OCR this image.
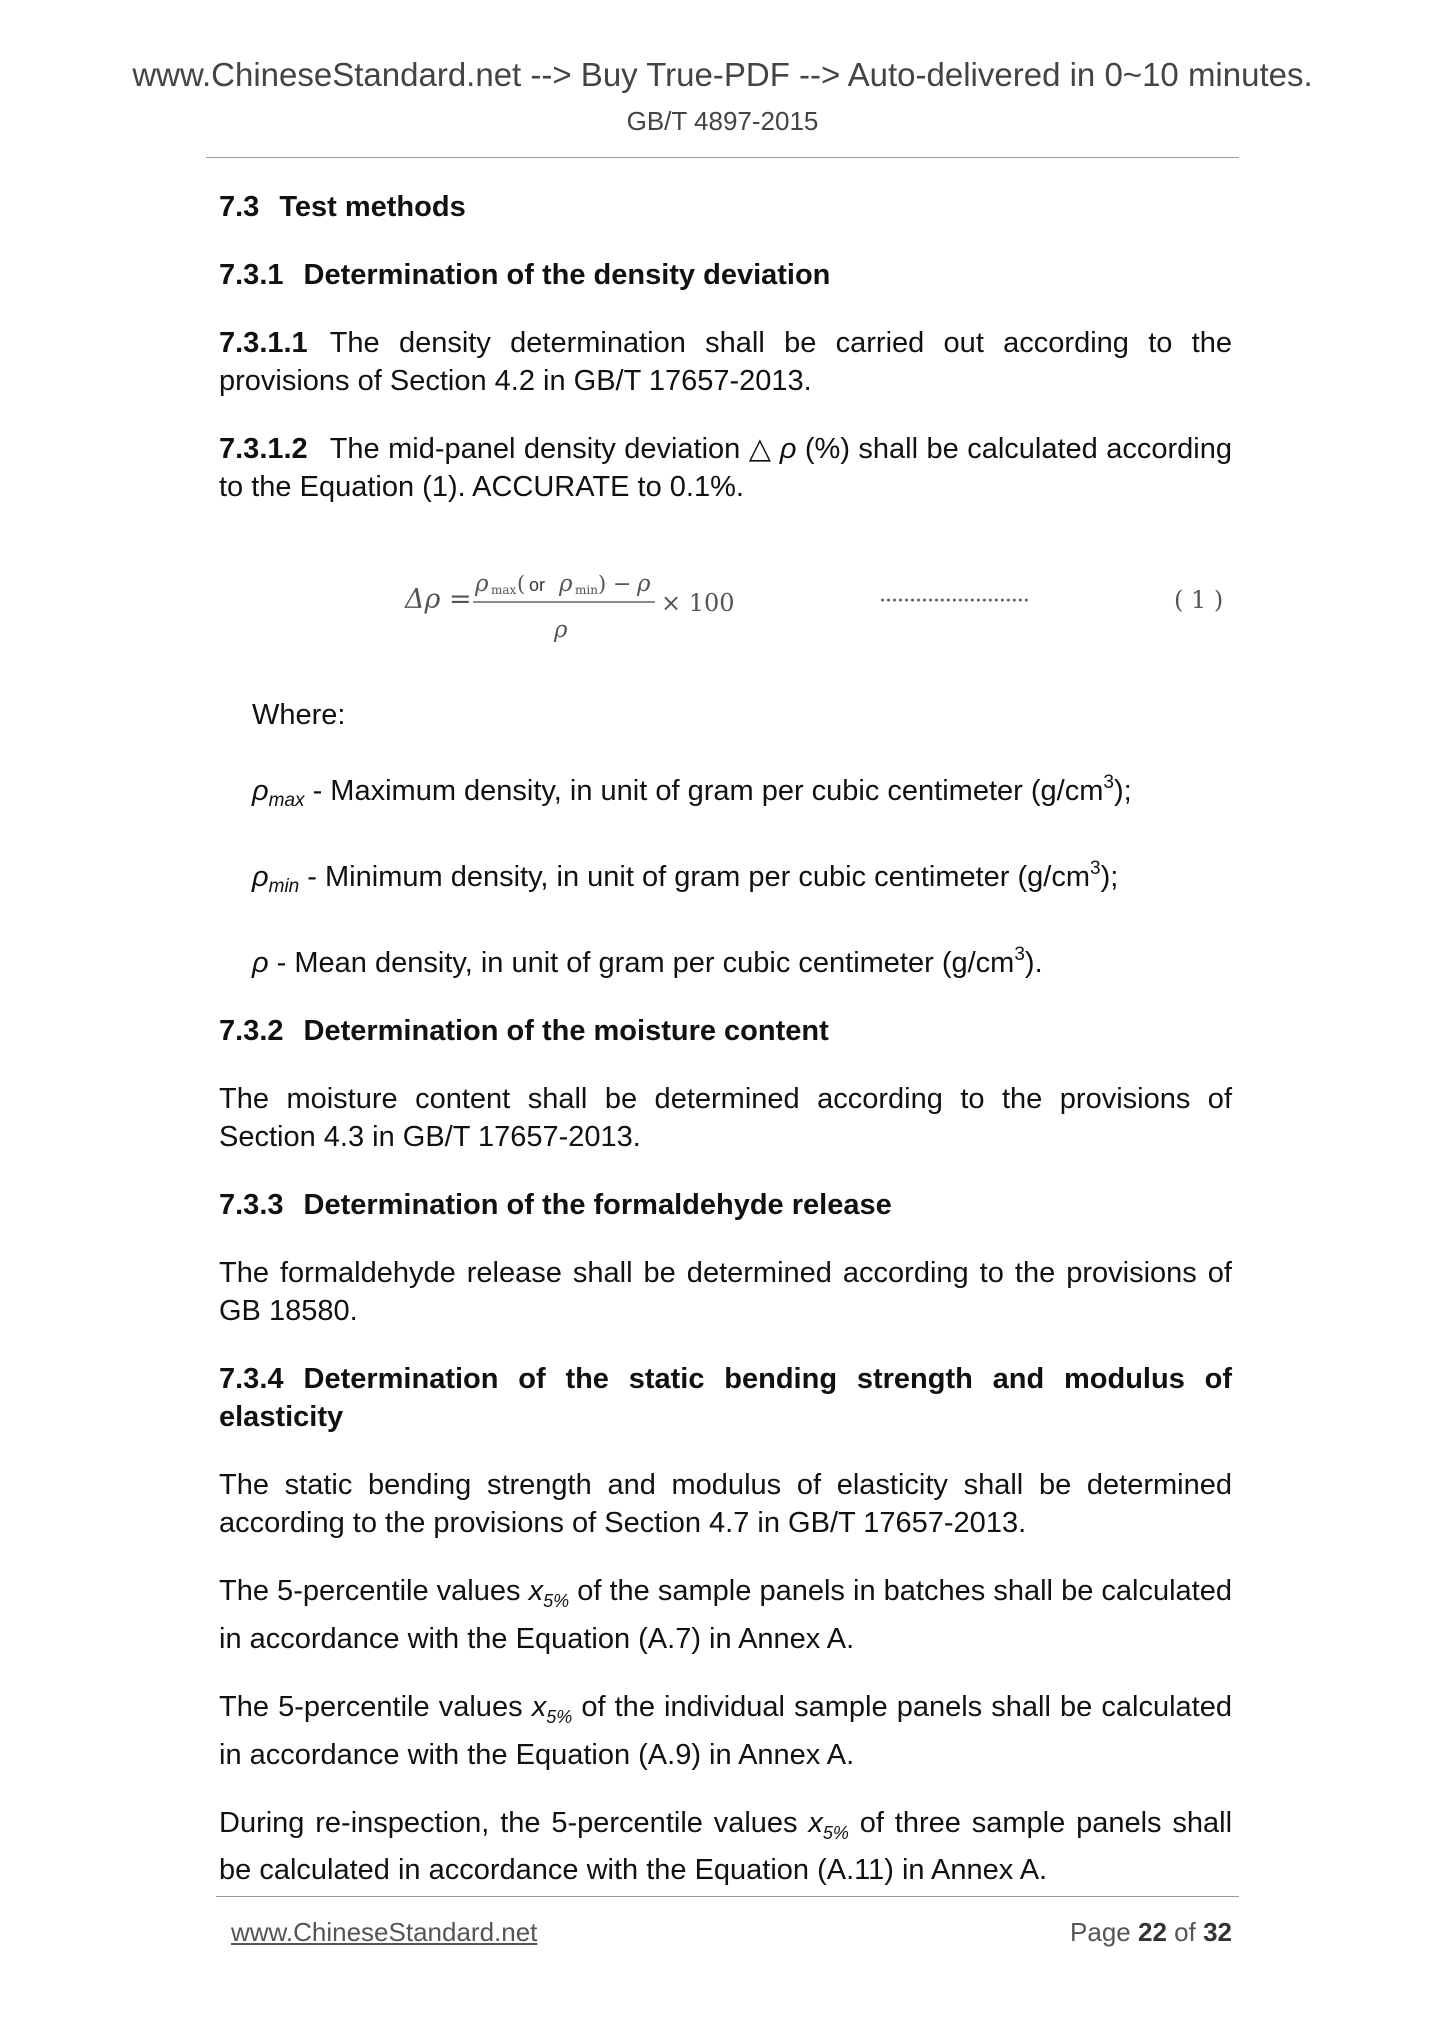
www.ChineseStandard.net --> Buy True-PDF --> Auto-delivered in 0~10 minutes.
GB/T 4897-2015
7.3 Test methods
7.3.1 Determination of the density deviation
7.3.1.1 The density determination shall be carried out according to the provisions of Section 4.2 in GB/T 17657-2013.
7.3.1.2 The mid-panel density deviation △ ρ (%) shall be calculated according to the Equation (1). ACCURATE to 0.1%.
Δρ = ρ max ( or ρ min ) − ρ
ρ
× 100	·························	( 1 )
Where:
$\rho_{max}$ - Maximum density, in unit of gram per cubic centimeter $(g/cm^3)$;
$\rho_{min}$ - Minimum density, in unit of gram per cubic centimeter $(g/cm^3)$;
ρ - Mean density, in unit of gram per cubic centimeter $(g/cm^3)$.
7.3.2 Determination of the moisture content
The moisture content shall be determined according to the provisions of Section 4.3 in GB/T 17657-2013.
7.3.3 Determination of the formaldehyde release
The formaldehyde release shall be determined according to the provisions of GB 18580.
7.3.4 Determination of the static bending strength and modulus of elasticity
The static bending strength and modulus of elasticity shall be determined according to the provisions of Section 4.7 in GB/T 17657-2013.
The 5-percentile values $x_{5\%}$ of the sample panels in batches shall be calculated in accordance with the Equation (A.7) in Annex A.
The 5-percentile values $x_{5\%}$ of the individual sample panels shall be calculated in accordance with the Equation (A.9) in Annex A.
During re-inspection, the 5-percentile values $x_{5\%}$ of three sample panels shall be calculated in accordance with the Equation (A.11) in Annex A.
www.ChineseStandard.net	Page 22 of 32
